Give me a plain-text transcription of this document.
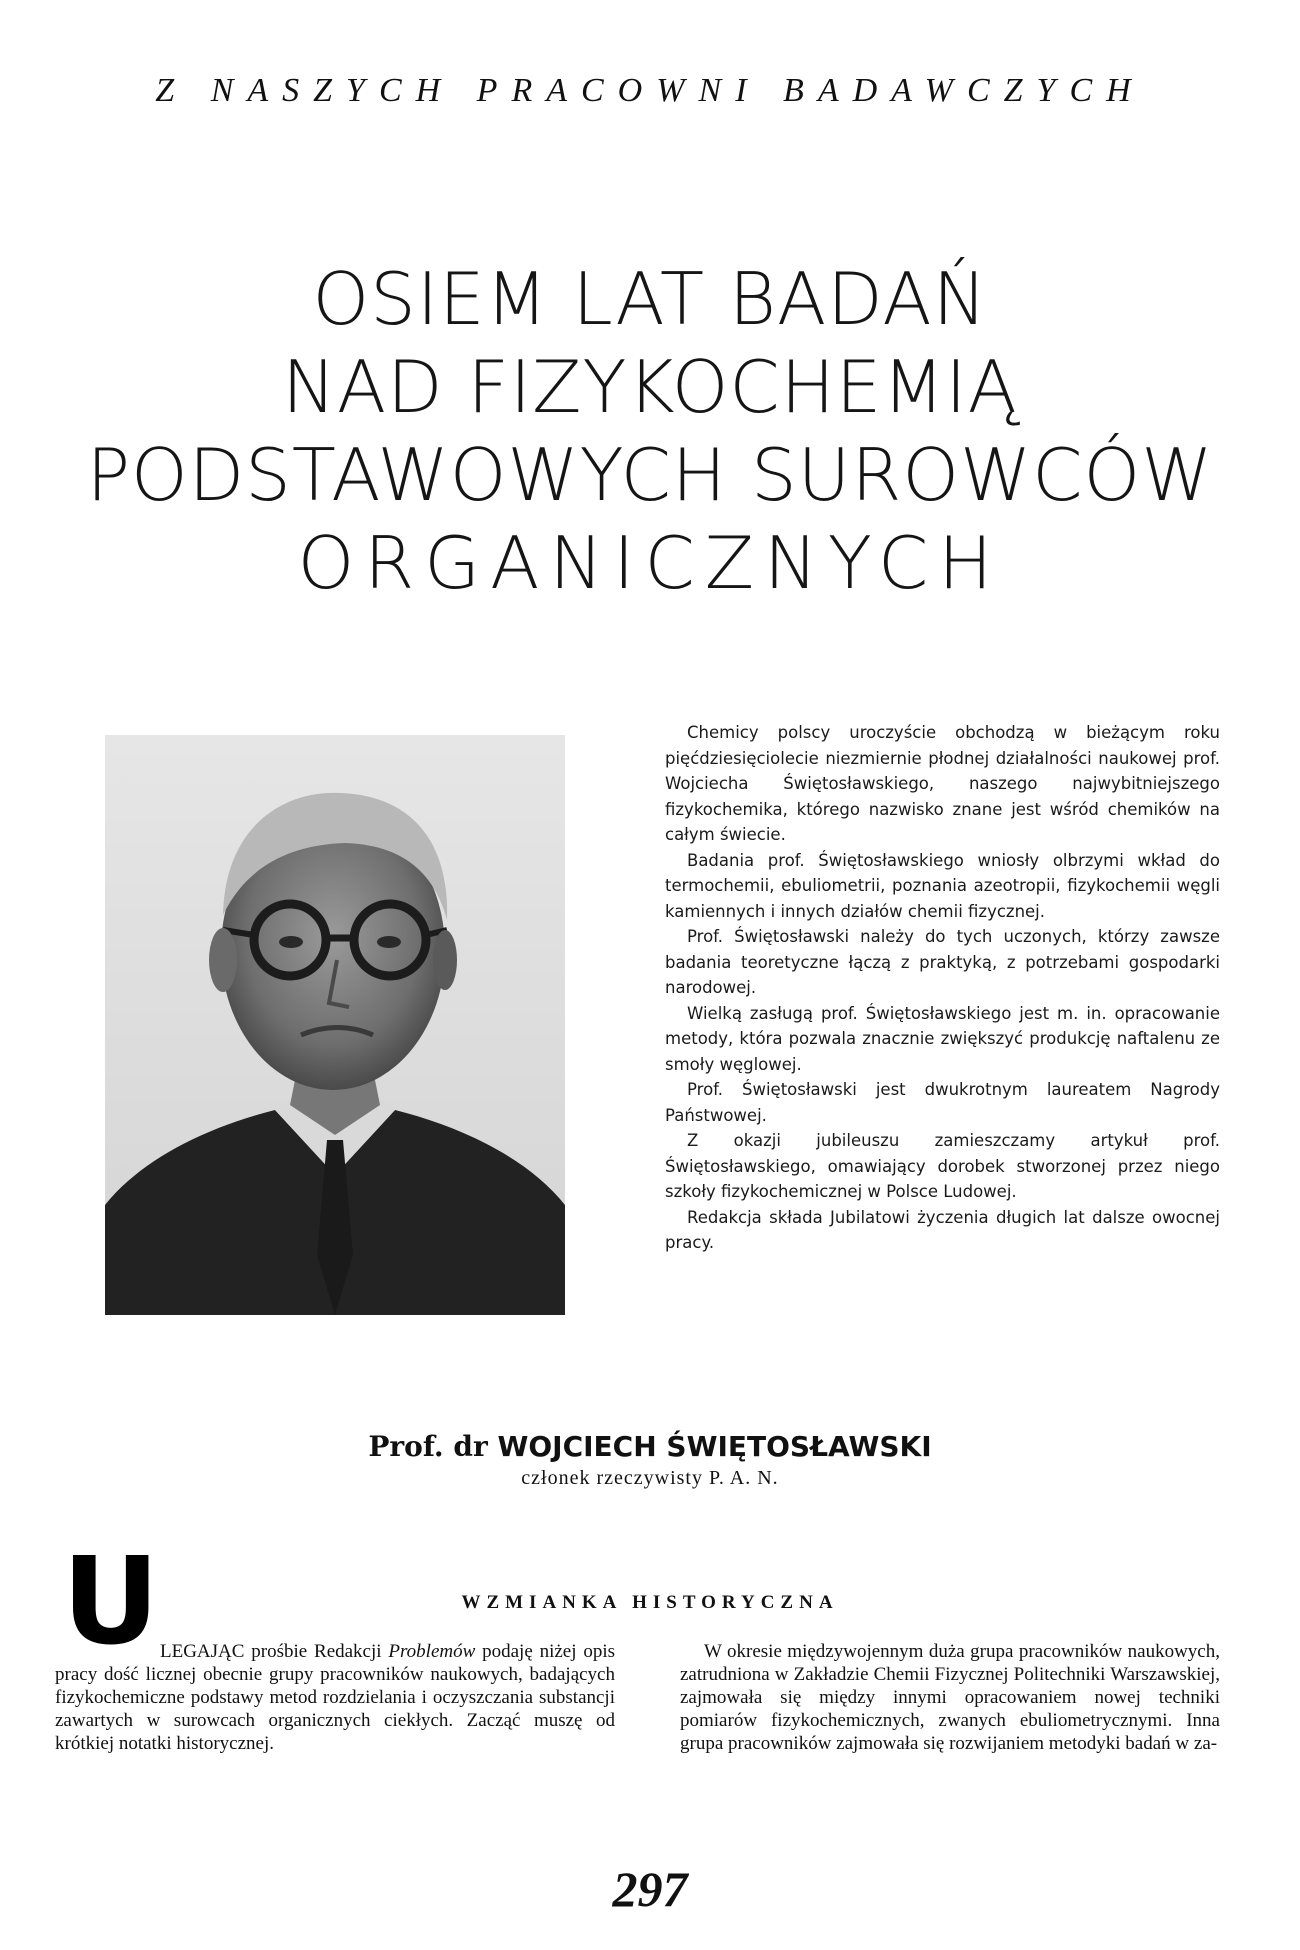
Z NASZYCH PRACOWNI BADAWCZYCH
OSIEM LAT BADAŃ
NAD FIZYKOCHEMIĄ
PODSTAWOWYCH SUROWCÓW
ORGANICZNYCH

Chemicy polscy uroczyście obchodzą w bieżącym roku pięćdziesięciolecie niezmiernie płodnej działalności naukowej prof. Wojciecha Świętosławskiego, naszego najwybitniejszego fizykochemika, którego nazwisko znane jest wśród chemików na całym świecie.

Badania prof. Świętosławskiego wniosły olbrzymi wkład do termochemii, ebuliometrii, poznania azeotropii, fizykochemii węgli kamiennych i innych działów chemii fizycznej.

Prof. Świętosławski należy do tych uczonych, którzy zawsze badania teoretyczne łączą z praktyką, z potrzebami gospodarki narodowej.

Wielką zasługą prof. Świętosławskiego jest m. in. opracowanie metody, która pozwala znacznie zwiększyć produkcję naftalenu ze smoły węglowej.

Prof. Świętosławski jest dwukrotnym laureatem Nagrody Państwowej.

Z okazji jubileuszu zamieszczamy artykuł prof. Świętosławskiego, omawiający dorobek stworzonej przez niego szkoły fizykochemicznej w Polsce Ludowej.

Redakcja składa Jubilatowi życzenia długich lat dalsze owocnej pracy.

Prof. dr WOJCIECH ŚWIĘTOSŁAWSKI
członek rzeczywisty P. A. N.
U	WZMIANKA HISTORYCZNA

LEGAJĄC prośbie Redakcji Problemów podaję niżej opis pracy dość licznej obecnie grupy pracowników naukowych, badających fizykochemiczne podstawy metod rozdzielania i oczyszczania substancji zawartych w surowcach organicznych ciekłych. Zacząć muszę od krótkiej notatki historycznej.

W okresie międzywojennym duża grupa pracowników naukowych, zatrudniona w Zakładzie Chemii Fizycznej Politechniki Warszawskiej, zajmowała się między innymi opracowaniem nowej techniki pomiarów fizykochemicznych, zwanych ebuliometrycznymi. Inna grupa pracowników zajmowała się rozwijaniem metodyki badań w za-

297
